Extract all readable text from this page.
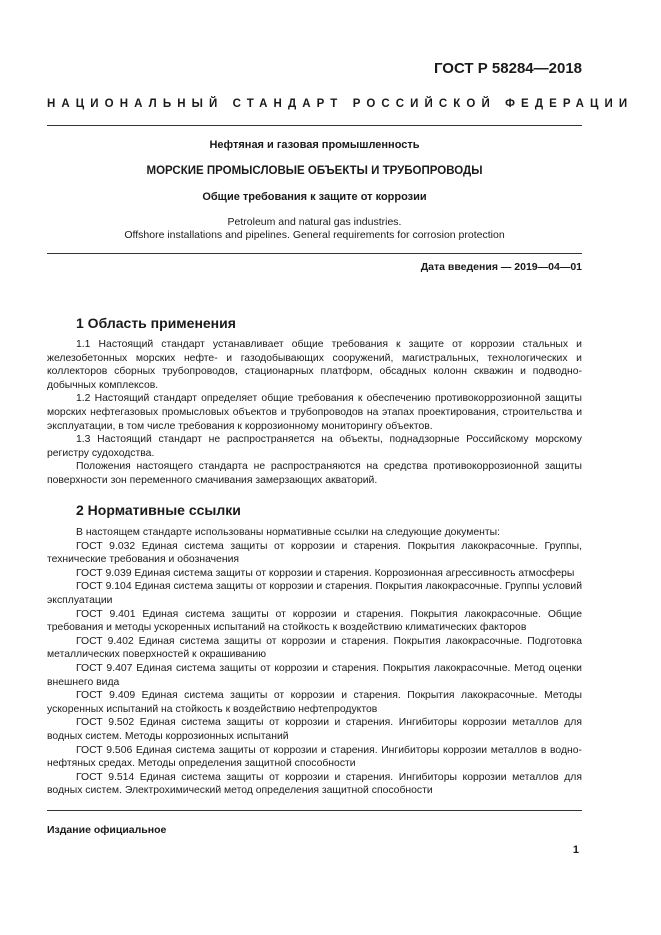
ГОСТ Р 58284—2018
НАЦИОНАЛЬНЫЙ СТАНДАРТ РОССИЙСКОЙ ФЕДЕРАЦИИ
Нефтяная и газовая промышленность
МОРСКИЕ ПРОМЫСЛОВЫЕ ОБЪЕКТЫ И ТРУБОПРОВОДЫ
Общие требования к защите от коррозии
Petroleum and natural gas industries.
Offshore installations and pipelines. General requirements for corrosion protection
Дата введения — 2019—04—01
1 Область применения

1.1 Настоящий стандарт устанавливает общие требования к защите от коррозии стальных и железобетонных морских нефте- и газодобывающих сооружений, магистральных, технологических и коллекторов сборных трубопроводов, стационарных платформ, обсадных колонн скважин и подводно-добычных комплексов.

1.2 Настоящий стандарт определяет общие требования к обеспечению противокоррозионной защиты морских нефтегазовых промысловых объектов и трубопроводов на этапах проектирования, строительства и эксплуатации, в том числе требования к коррозионному мониторингу объектов.

1.3 Настоящий стандарт не распространяется на объекты, поднадзорные Российскому морскому регистру судоходства.

Положения настоящего стандарта не распространяются на средства противокоррозионной защиты поверхности зон переменного смачивания замерзающих акваторий.

2 Нормативные ссылки

В настоящем стандарте использованы нормативные ссылки на следующие документы:

ГОСТ 9.032 Единая система защиты от коррозии и старения. Покрытия лакокрасочные. Группы, технические требования и обозначения

ГОСТ 9.039 Единая система защиты от коррозии и старения. Коррозионная агрессивность атмосферы

ГОСТ 9.104 Единая система защиты от коррозии и старения. Покрытия лакокрасочные. Группы условий эксплуатации

ГОСТ 9.401 Единая система защиты от коррозии и старения. Покрытия лакокрасочные. Общие требования и методы ускоренных испытаний на стойкость к воздействию климатических факторов

ГОСТ 9.402 Единая система защиты от коррозии и старения. Покрытия лакокрасочные. Подготовка металлических поверхностей к окрашиванию

ГОСТ 9.407 Единая система защиты от коррозии и старения. Покрытия лакокрасочные. Метод оценки внешнего вида

ГОСТ 9.409 Единая система защиты от коррозии и старения. Покрытия лакокрасочные. Методы ускоренных испытаний на стойкость к воздействию нефтепродуктов

ГОСТ 9.502 Единая система защиты от коррозии и старения. Ингибиторы коррозии металлов для водных систем. Методы коррозионных испытаний

ГОСТ 9.506 Единая система защиты от коррозии и старения. Ингибиторы коррозии металлов в водно-нефтяных средах. Методы определения защитной способности

ГОСТ 9.514 Единая система защиты от коррозии и старения. Ингибиторы коррозии металлов для водных систем. Электрохимический метод определения защитной способности

Издание официальное
1
